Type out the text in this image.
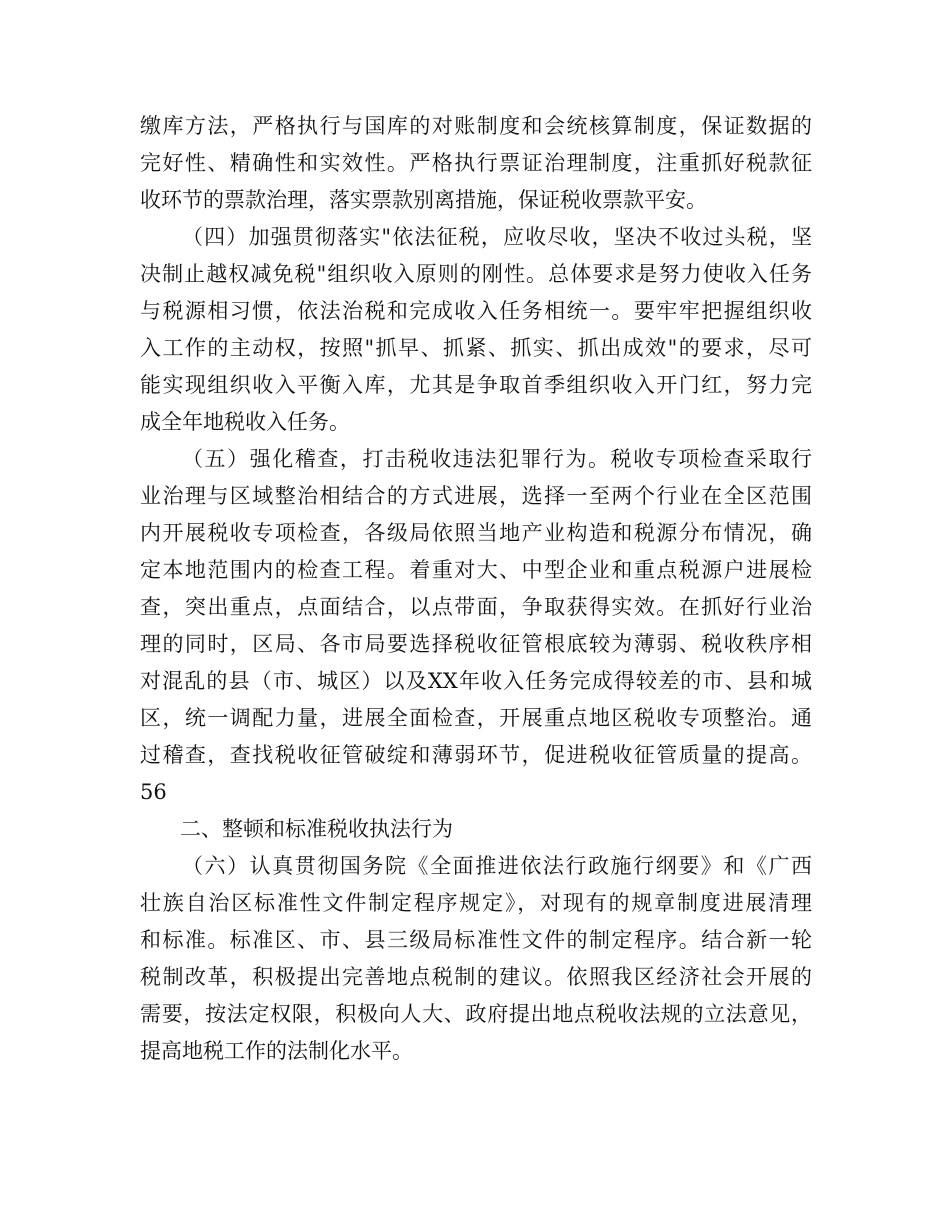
缴库方法，严格执行与国库的对账制度和会统核算制度，保证数据的
完好性、精确性和实效性。严格执行票证治理制度，注重抓好税款征
收环节的票款治理，落实票款别离措施，保证税收票款平安。
（四）加强贯彻落实"依法征税，应收尽收，坚决不收过头税，坚
决制止越权减免税"组织收入原则的刚性。总体要求是努力使收入任务
与税源相习惯，依法治税和完成收入任务相统一。要牢牢把握组织收
入工作的主动权，按照"抓早、抓紧、抓实、抓出成效"的要求，尽可
能实现组织收入平衡入库，尤其是争取首季组织收入开门红，努力完
成全年地税收入任务。
（五）强化稽查，打击税收违法犯罪行为。税收专项检查采取行
业治理与区域整治相结合的方式进展，选择一至两个行业在全区范围
内开展税收专项检查，各级局依照当地产业构造和税源分布情况，确
定本地范围内的检查工程。着重对大、中型企业和重点税源户进展检
查，突出重点，点面结合，以点带面，争取获得实效。在抓好行业治
理的同时，区局、各市局要选择税收征管根底较为薄弱、税收秩序相
对混乱的县（市、城区）以及XX年收入任务完成得较差的市、县和城
区，统一调配力量，进展全面检查，开展重点地区税收专项整治。通
过稽查，查找税收征管破绽和薄弱环节，促进税收征管质量的提高。
56
二、整顿和标准税收执法行为
（六）认真贯彻国务院《全面推进依法行政施行纲要》和《广西
壮族自治区标准性文件制定程序规定》，对现有的规章制度进展清理
和标准。标准区、市、县三级局标准性文件的制定程序。结合新一轮
税制改革，积极提出完善地点税制的建议。依照我区经济社会开展的
需要，按法定权限，积极向人大、政府提出地点税收法规的立法意见，
提高地税工作的法制化水平。
